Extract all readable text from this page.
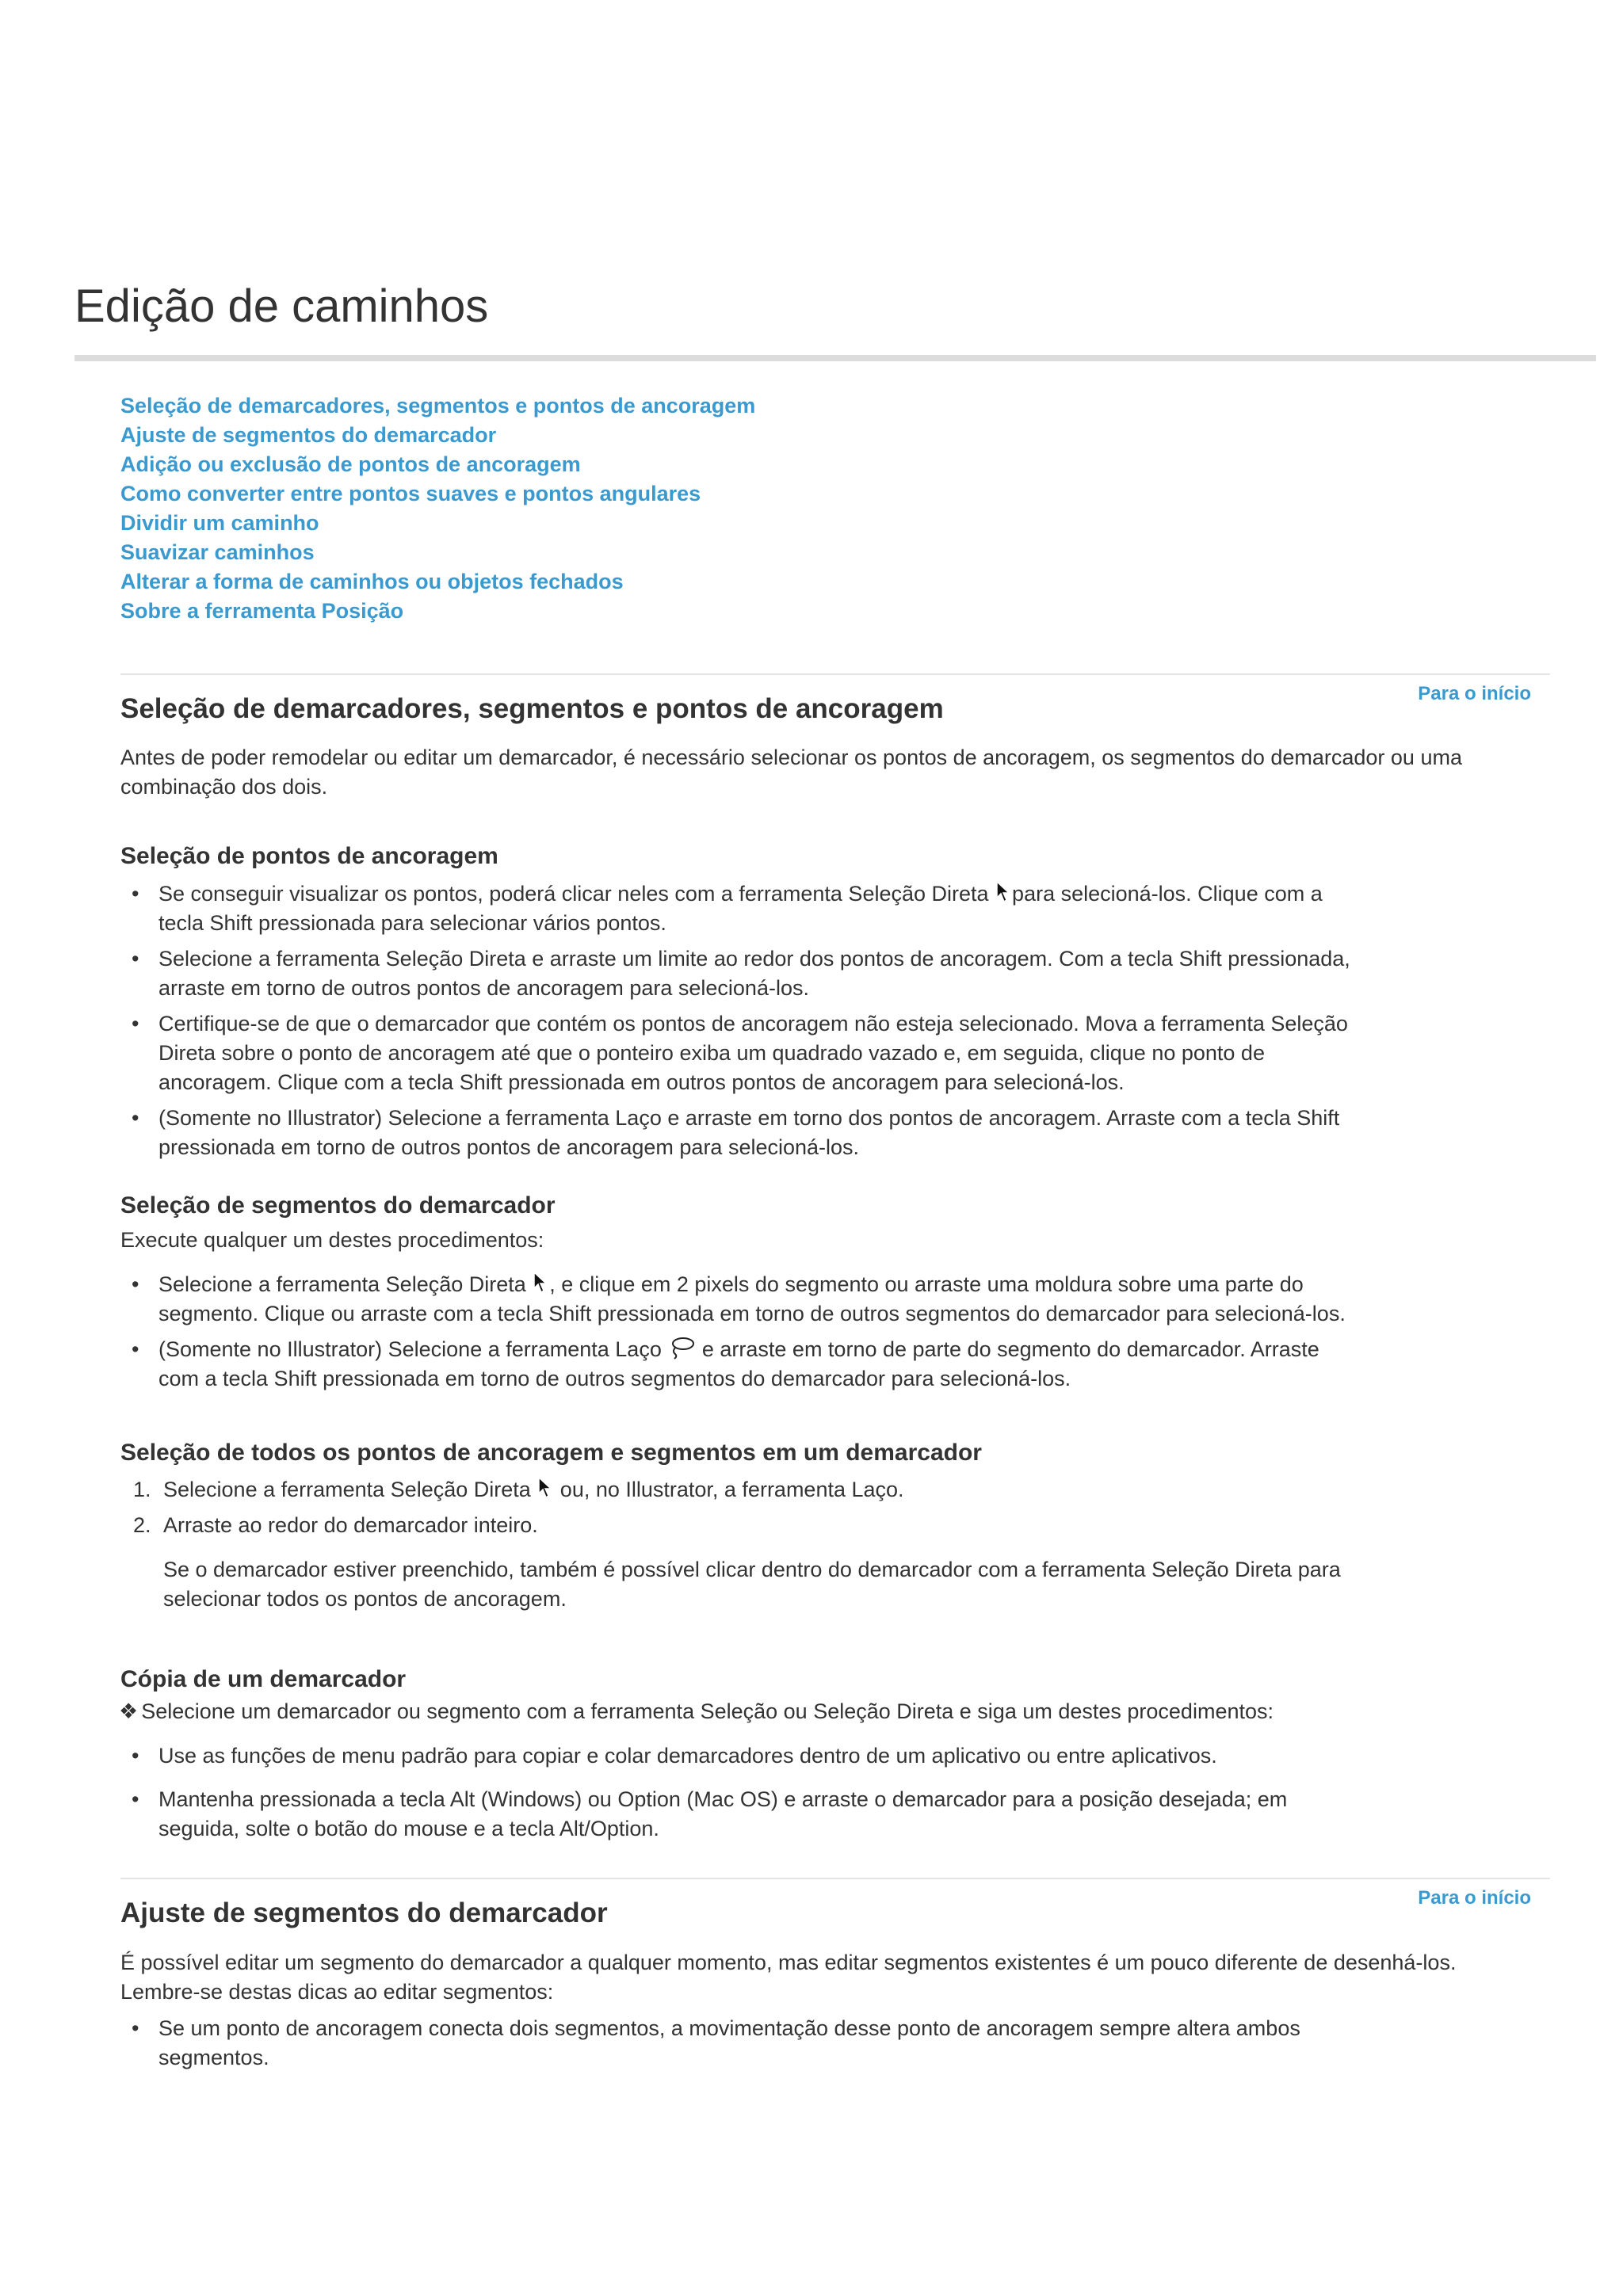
Edição de caminhos
Seleção de demarcadores, segmentos e pontos de ancoragem
Ajuste de segmentos do demarcador
Adição ou exclusão de pontos de ancoragem
Como converter entre pontos suaves e pontos angulares
Dividir um caminho
Suavizar caminhos
Alterar a forma de caminhos ou objetos fechados
Sobre a ferramenta Posição
Para o início
Seleção de demarcadores, segmentos e pontos de ancoragem

Antes de poder remodelar ou editar um demarcador, é necessário selecionar os pontos de ancoragem, os segmentos do demarcador ou uma
combinação dos dois.

Seleção de pontos de ancoragem
• Se conseguir visualizar os pontos, poderá clicar neles com a ferramenta Seleção Direta para selecioná-los. Clique com a
tecla Shift pressionada para selecionar vários pontos.
• Selecione a ferramenta Seleção Direta e arraste um limite ao redor dos pontos de ancoragem. Com a tecla Shift pressionada,
arraste em torno de outros pontos de ancoragem para selecioná-los.
• Certifique-se de que o demarcador que contém os pontos de ancoragem não esteja selecionado. Mova a ferramenta Seleção
Direta sobre o ponto de ancoragem até que o ponteiro exiba um quadrado vazado e, em seguida, clique no ponto de
ancoragem. Clique com a tecla Shift pressionada em outros pontos de ancoragem para selecioná-los.
• (Somente no Illustrator) Selecione a ferramenta Laço e arraste em torno dos pontos de ancoragem. Arraste com a tecla Shift
pressionada em torno de outros pontos de ancoragem para selecioná-los.
Seleção de segmentos do demarcador

Execute qualquer um destes procedimentos:

• Selecione a ferramenta Seleção Direta , e clique em 2 pixels do segmento ou arraste uma moldura sobre uma parte do
segmento. Clique ou arraste com a tecla Shift pressionada em torno de outros segmentos do demarcador para selecioná-los.
• (Somente no Illustrator) Selecione a ferramenta Laço e arraste em torno de parte do segmento do demarcador. Arraste
com a tecla Shift pressionada em torno de outros segmentos do demarcador para selecioná-los.
Seleção de todos os pontos de ancoragem e segmentos em um demarcador
1. Selecione a ferramenta Seleção Direta ou, no Illustrator, a ferramenta Laço.
2. Arraste ao redor do demarcador inteiro.
Se o demarcador estiver preenchido, também é possível clicar dentro do demarcador com a ferramenta Seleção Direta para
selecionar todos os pontos de ancoragem.
Cópia de um demarcador

❖ Selecione um demarcador ou segmento com a ferramenta Seleção ou Seleção Direta e siga um destes procedimentos:

• Use as funções de menu padrão para copiar e colar demarcadores dentro de um aplicativo ou entre aplicativos.
• Mantenha pressionada a tecla Alt (Windows) ou Option (Mac OS) e arraste o demarcador para a posição desejada; em
seguida, solte o botão do mouse e a tecla Alt/Option.
Para o início
Ajuste de segmentos do demarcador

É possível editar um segmento do demarcador a qualquer momento, mas editar segmentos existentes é um pouco diferente de desenhá-los.
Lembre-se destas dicas ao editar segmentos:

• Se um ponto de ancoragem conecta dois segmentos, a movimentação desse ponto de ancoragem sempre altera ambos
segmentos.
